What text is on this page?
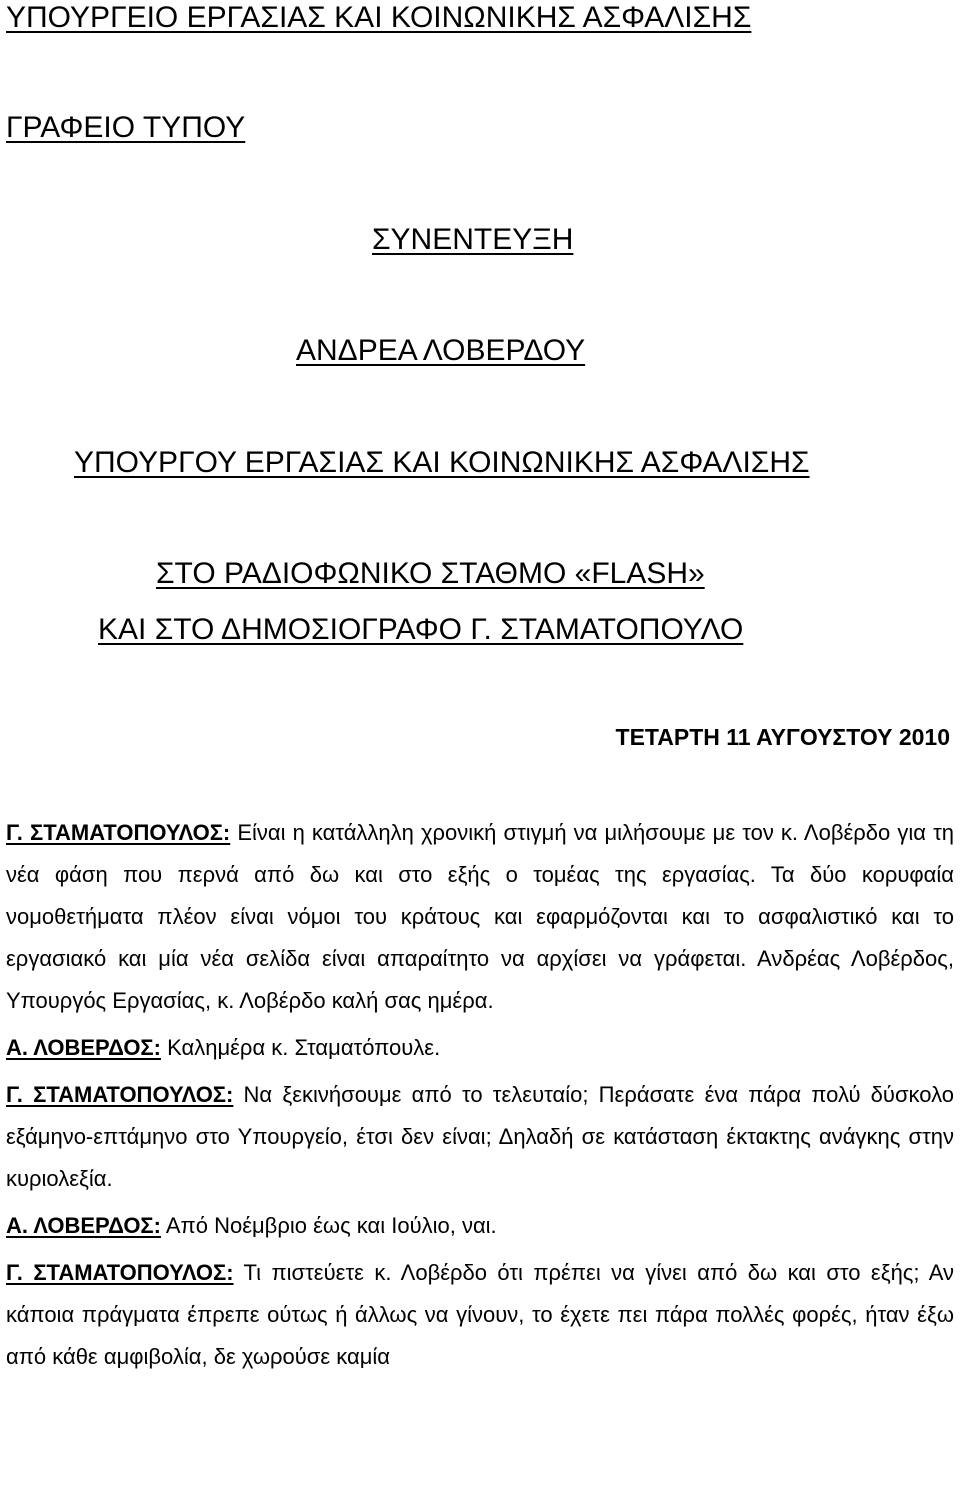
ΥΠΟΥΡΓΕΙΟ ΕΡΓΑΣΙΑΣ ΚΑΙ ΚΟΙΝΩΝΙΚΗΣ ΑΣΦΑΛΙΣΗΣ
ΓΡΑΦΕΙΟ ΤΥΠΟΥ
ΣΥΝΕΝΤΕΥΞΗ
ΑΝΔΡΕΑ ΛΟΒΕΡΔΟΥ
ΥΠΟΥΡΓΟΥ ΕΡΓΑΣΙΑΣ ΚΑΙ ΚΟΙΝΩΝΙΚΗΣ ΑΣΦΑΛΙΣΗΣ
ΣΤΟ ΡΑΔΙΟΦΩΝΙΚΟ ΣΤΑΘΜΟ «FLASH»
ΚΑΙ ΣΤΟ ΔΗΜΟΣΙΟΓΡΑΦΟ Γ. ΣΤΑΜΑΤΟΠΟΥΛΟ
ΤΕΤΑΡΤΗ 11 ΑΥΓΟΥΣΤΟΥ 2010

Γ. ΣΤΑΜΑΤΟΠΟΥΛΟΣ: Είναι η κατάλληλη χρονική στιγμή να μιλήσουμε με τον κ. Λοβέρδο για τη νέα φάση που περνά από δω και στο εξής ο τομέας της εργασίας. Τα δύο κορυφαία νομοθετήματα πλέον είναι νόμοι του κράτους και εφαρμόζονται και το ασφαλιστικό και το εργασιακό και μία νέα σελίδα είναι απαραίτητο να αρχίσει να γράφεται. Ανδρέας Λοβέρδος, Υπουργός Εργασίας, κ. Λοβέρδο καλή σας ημέρα.

Α. ΛΟΒΕΡΔΟΣ: Καλημέρα κ. Σταματόπουλε.

Γ. ΣΤΑΜΑΤΟΠΟΥΛΟΣ: Να ξεκινήσουμε από το τελευταίο; Περάσατε ένα πάρα πολύ δύσκολο εξάμηνο-επτάμηνο στο Υπουργείο, έτσι δεν είναι; Δηλαδή σε κατάσταση έκτακτης ανάγκης στην κυριολεξία.

Α. ΛΟΒΕΡΔΟΣ: Από Νοέμβριο έως και Ιούλιο, ναι.

Γ. ΣΤΑΜΑΤΟΠΟΥΛΟΣ: Τι πιστεύετε κ. Λοβέρδο ότι πρέπει να γίνει από δω και στο εξής; Αν κάποια πράγματα έπρεπε ούτως ή άλλως να γίνουν, το έχετε πει πάρα πολλές φορές, ήταν έξω από κάθε αμφιβολία, δε χωρούσε καμία
